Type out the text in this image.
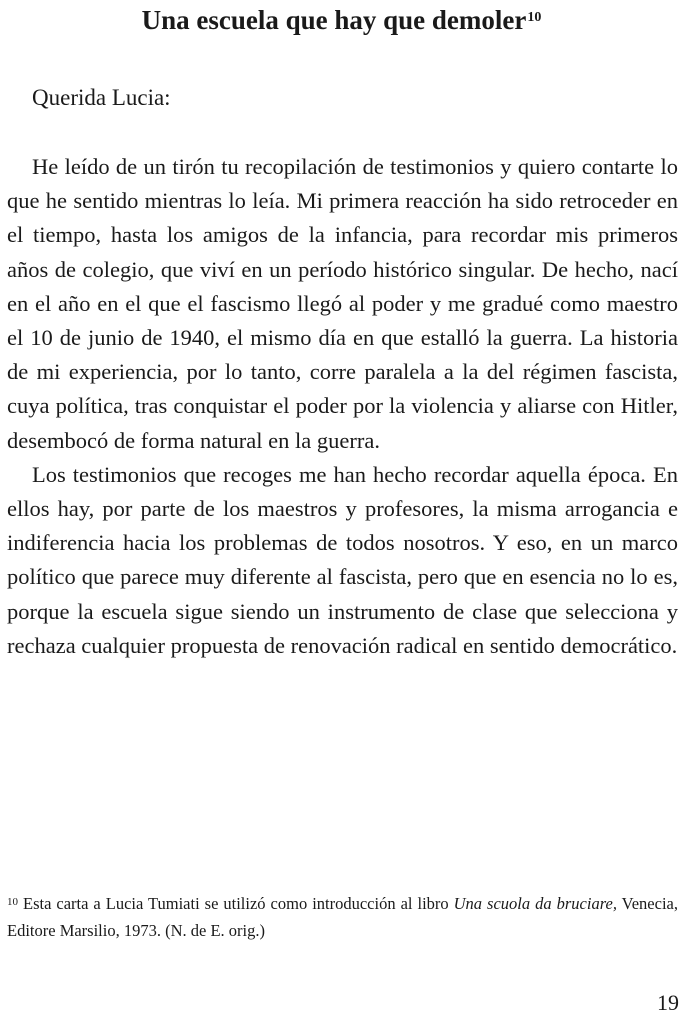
Una escuela que hay que demoler$^{10}$

Querida Lucia:

He leído de un tirón tu recopilación de testimonios y quiero contarte lo que he sentido mientras lo leía. Mi primera reacción ha sido retroceder en el tiempo, hasta los amigos de la infancia, para recordar mis primeros años de colegio, que viví en un período histórico singular. De hecho, nací en el año en el que el fascismo llegó al poder y me gradué como maestro el 10 de junio de 1940, el mismo día en que estalló la guerra. La historia de mi experiencia, por lo tanto, corre paralela a la del régimen fascista, cuya política, tras conquistar el poder por la violencia y aliarse con Hitler, desembocó de forma natural en la guerra.

Los testimonios que recoges me han hecho recordar aquella época. En ellos hay, por parte de los maestros y profesores, la misma arrogancia e indiferencia hacia los problemas de todos nosotros. Y eso, en un marco político que parece muy diferente al fascista, pero que en esencia no lo es, porque la escuela sigue siendo un instrumento de clase que selecciona y rechaza cualquier propuesta de renovación radical en sentido democrático.

$^{10}$ Esta carta a Lucia Tumiati se utilizó como introducción al libro Una scuola da bruciare, Venecia, Editore Marsilio, 1973. (N. de E. orig.)

19
